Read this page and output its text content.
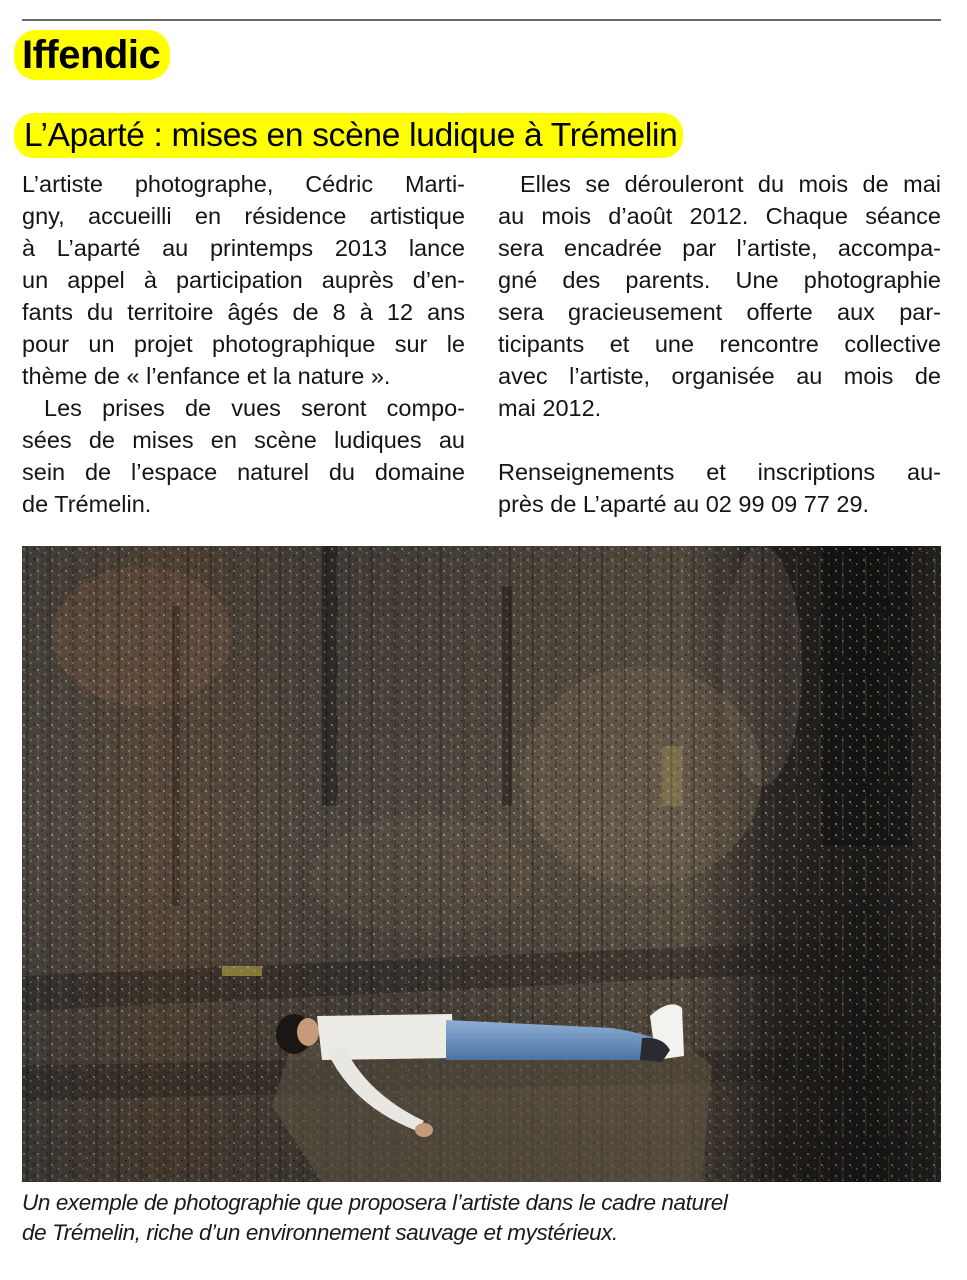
Iffendic
L’Aparté : mises en scène ludique à Trémelin

L’artiste photographe, Cédric Marti-
gny, accueilli en résidence artistique
à L’aparté au printemps 2013 lance
un appel à participation auprès d’en-
fants du territoire âgés de 8 à 12 ans
pour un projet photographique sur le
thème de « l’enfance et la nature ».

Les prises de vues seront compo-
sées de mises en scène ludiques au
sein de l’espace naturel du domaine
de Trémelin.

Elles se dérouleront du mois de mai
au mois d’août 2012. Chaque séance
sera encadrée par l’artiste, accompa-
gné des parents. Une photographie
sera gracieusement offerte aux par-
ticipants et une rencontre collective
avec l’artiste, organisée au mois de
mai 2012.

Renseignements et inscriptions au-
près de L’aparté au 02 99 09 77 29.

Un exemple de photographie que proposera l’artiste dans le cadre naturel
de Trémelin, riche d’un environnement sauvage et mystérieux.
